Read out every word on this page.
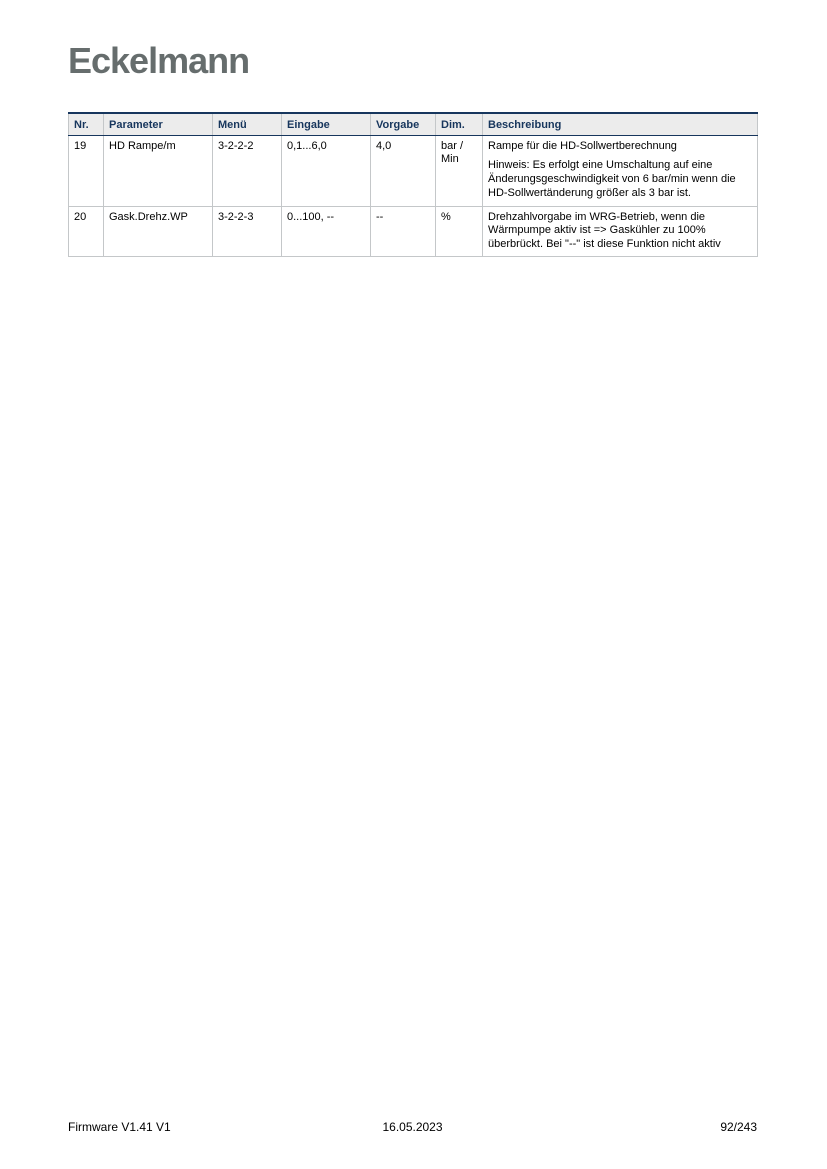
Eckelmann
Nr.	Parameter	Menü	Eingabe	Vorgabe	Dim.	Beschreibung
19	HD Rampe/m	3-2-2-2	0,1...6,0	4,0	bar / Min	Rampe für die HD-Sollwertberechnung

Hinweis: Es erfolgt eine Umschaltung auf eine Änderungsgeschwindigkeit von 6 bar/min wenn die HD-Sollwertänderung größer als 3 bar ist.

20	Gask.Drehz.WP	3-2-2-3	0...100, --	--	%	Drehzahlvorgabe im WRG-Betrieb, wenn die Wärmpumpe aktiv ist => Gaskühler zu 100% überbrückt. Bei "--" ist diese Funktion nicht aktiv

Firmware V1.41 V1	16.05.2023	92/243
